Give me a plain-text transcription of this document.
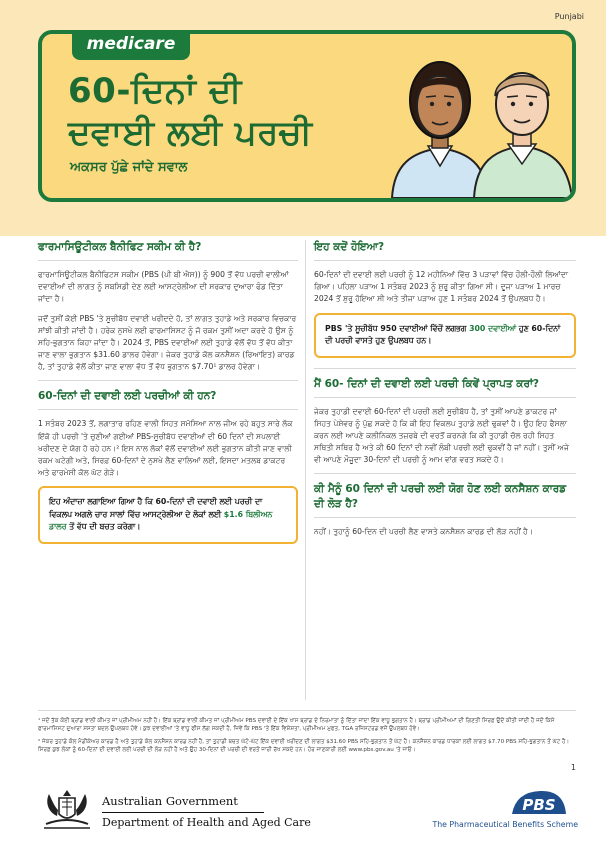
Punjabi
medicare
60-ਦਿਨਾਂ ਦੀ
ਦਵਾਈ ਲਈ ਪਰਚੀ
ਅਕਸਰ ਪੁੱਛੇ ਜਾਂਦੇ ਸਵਾਲ
ਫਾਰਮਾਸਿਊਟੀਕਲ ਬੈਨੀਫਿਟ ਸਕੀਮ ਕੀ ਹੈ?

ਫਾਰਮਾਸਿਊਟੀਕਲ ਬੈਨੀਫਿਟਸ ਸਕੀਮ (PBS (ਪੀ ਬੀ ਐਸ)) ਨੂੰ 900 ਤੋਂ ਵੱਧ ਪਰਚੀ ਵਾਲੀਆਂ ਦਵਾਈਆਂ ਦੀ ਲਾਗਤ ਨੂੰ ਸਬਸਿਡੀ ਦੇਣ ਲਈ ਆਸਟ੍ਰੇਲੀਆ ਦੀ ਸਰਕਾਰ ਦੁਆਰਾ ਫੰਡ ਦਿੱਤਾ ਜਾਂਦਾ ਹੈ।

ਜਦੋਂ ਤੁਸੀਂ ਕੋਈ PBS 'ਤੇ ਸੂਚੀਬੱਧ ਦਵਾਈ ਖਰੀਦਦੇ ਹੋ, ਤਾਂ ਲਾਗਤ ਤੁਹਾਡੇ ਅਤੇ ਸਰਕਾਰ ਵਿਚਕਾਰ ਸਾਂਝੀ ਕੀਤੀ ਜਾਂਦੀ ਹੈ। ਹਰੇਕ ਨੁਸਖੇ ਲਈ ਫਾਰਮਾਸਿਸਟ ਨੂੰ ਜੋ ਰਕਮ ਤੁਸੀਂ ਅਦਾ ਕਰਦੇ ਹੋ ਉਸ ਨੂੰ ਸਹਿ-ਭੁਗਤਾਨ ਕਿਹਾ ਜਾਂਦਾ ਹੈ। 2024 ਤੋਂ, PBS ਦਵਾਈਆਂ ਲਈ ਤੁਹਾਡੇ ਵੱਲੋਂ ਵੱਧ ਤੋਂ ਵੱਧ ਕੀਤਾ ਜਾਣ ਵਾਲਾ ਭੁਗਤਾਨ $31.60 ਡਾਲਰ ਹੋਵੇਗਾ। ਜੇਕਰ ਤੁਹਾਡੇ ਕੋਲ ਕਨਸੈਸ਼ਨ (ਰਿਆਇਤ) ਕਾਰਡ ਹੈ, ਤਾਂ ਤੁਹਾਡੇ ਵੱਲੋਂ ਕੀਤਾ ਜਾਣ ਵਾਲਾ ਵੱਧ ਤੋਂ ਵੱਧ ਭੁਗਤਾਨ $7.70¹ ਡਾਲਰ ਹੋਵੇਗਾ।

60-ਦਿਨਾਂ ਦੀ ਦਵਾਈ ਲਈ ਪਰਚੀਆਂ ਕੀ ਹਨ?

1 ਸਤੰਬਰ 2023 ਤੋਂ, ਲਗਾਤਾਰ ਰਹਿਣ ਵਾਲੀ ਸਿਹਤ ਸਮੱਸਿਆ ਨਾਲ ਜੀਅ ਰਹੇ ਬਹੁਤ ਸਾਰੇ ਲੋਕ ਇੱਕੋ ਹੀ ਪਰਚੀ 'ਤੇ ਚੁਣੀਆਂ ਗਈਆਂ PBS-ਸੂਚੀਬੱਧ ਦਵਾਈਆਂ ਦੀ 60 ਦਿਨਾਂ ਦੀ ਸਪਲਾਈ ਖਰੀਦਣ ਦੇ ਯੋਗ ਹੋ ਰਹੇ ਹਨ।² ਇਸ ਨਾਲ ਲੋਕਾਂ ਵੱਲੋਂ ਦਵਾਈਆਂ ਲਈ ਭੁਗਤਾਨ ਕੀਤੀ ਜਾਣ ਵਾਲੀ ਰਕਮ ਘਟੇਗੀ ਅਤੇ, ਸਿਰਫ਼ 60-ਦਿਨਾਂ ਦੇ ਨੁਸਖੇ ਲੈਣ ਵਾਲਿਆਂ ਲਈ, ਇਸਦਾ ਮਤਲਬ ਡਾਕਟਰ ਅਤੇ ਫਾਰਮੇਸੀ ਕੋਲ ਘੱਟ ਗੇੜੇ।

ਇਹ ਅੰਦਾਜ਼ਾ ਲਗਾਇਆ ਗਿਆ ਹੈ ਕਿ 60-ਦਿਨਾਂ ਦੀ ਦਵਾਈ ਲਈ ਪਰਚੀ ਦਾ ਵਿਕਲਪ ਅਗਲੇ ਚਾਰ ਸਾਲਾਂ ਵਿੱਚ ਆਸਟ੍ਰੇਲੀਆ ਦੇ ਲੋਕਾਂ ਲਈ $1.6 ਬਿਲੀਅਨ ਡਾਲਰ ਤੋਂ ਵੱਧ ਦੀ ਬਚਤ ਕਰੇਗਾ।
ਇਹ ਕਦੋਂ ਹੋਇਆ?

60-ਦਿਨਾਂ ਦੀ ਦਵਾਈ ਲਈ ਪਰਚੀ ਨੂੰ 12 ਮਹੀਨਿਆਂ ਵਿੱਚ 3 ਪੜਾਵਾਂ ਵਿੱਚ ਹੌਲੀ-ਹੌਲੀ ਲਿਆਂਦਾ ਗਿਆ। ਪਹਿਲਾ ਪੜਾਅ 1 ਸਤੰਬਰ 2023 ਨੂੰ ਸ਼ੁਰੂ ਕੀਤਾ ਗਿਆ ਸੀ। ਦੂਜਾ ਪੜਾਅ 1 ਮਾਰਚ 2024 ਤੋਂ ਸ਼ੁਰੂ ਹੋਇਆ ਸੀ ਅਤੇ ਤੀਜਾ ਪੜਾਅ ਹੁਣ 1 ਸਤੰਬਰ 2024 ਤੋਂ ਉਪਲਬਧ ਹੈ।

PBS 'ਤੇ ਸੂਚੀਬੱਧ 950 ਦਵਾਈਆਂ ਵਿੱਚੋਂ ਲਗਭਗ 300 ਦਵਾਈਆਂ ਹੁਣ 60-ਦਿਨਾਂ ਦੀ ਪਰਚੀ ਵਾਸਤੇ ਹੁਣ ਉਪਲਬਧ ਹਨ।
ਮੈਂ 60- ਦਿਨਾਂ ਦੀ ਦਵਾਈ ਲਈ ਪਰਚੀ ਕਿਵੇਂ ਪ੍ਰਾਪਤ ਕਰਾਂ?

ਜੇਕਰ ਤੁਹਾਡੀ ਦਵਾਈ 60-ਦਿਨਾਂ ਦੀ ਪਰਚੀ ਲਈ ਸੂਚੀਬੱਧ ਹੈ, ਤਾਂ ਤੁਸੀਂ ਆਪਣੇ ਡਾਕਟਰ ਜਾਂ ਸਿਹਤ ਪੇਸ਼ੇਵਰ ਨੂੰ ਪੁੱਛ ਸਕਦੇ ਹੋ ਕਿ ਕੀ ਇਹ ਵਿਕਲਪ ਤੁਹਾਡੇ ਲਈ ਢੁਕਵਾਂ ਹੈ। ਉਹ ਇਹ ਫੈਸਲਾ ਕਰਨ ਲਈ ਆਪਣੇ ਕਲੀਨਿਕਲ ਤਜ਼ਰਬੇ ਦੀ ਵਰਤੋਂ ਕਰਨਗੇ ਕਿ ਕੀ ਤੁਹਾਡੀ ਚੱਲ ਰਹੀ ਸਿਹਤ ਸਥਿਤੀ ਸਥਿਰ ਹੈ ਅਤੇ ਕੀ 60 ਦਿਨਾਂ ਦੀ ਨਵੀਂ ਲੰਬੀ ਪਰਚੀ ਲਈ ਢੁਕਵੀਂ ਹੈ ਜਾਂ ਨਹੀਂ। ਤੁਸੀਂ ਅਜੇ ਵੀ ਆਪਣੇ ਮੌਜੂਦਾ 30-ਦਿਨਾਂ ਦੀ ਪਰਚੀ ਨੂੰ ਆਮ ਵਾਂਗ ਵਰਤ ਸਕਦੇ ਹੋ।

ਕੀ ਮੈਨੂੰ 60 ਦਿਨਾਂ ਦੀ ਪਰਚੀ ਲਈ ਯੋਗ ਹੋਣ ਲਈ ਕਨਸੈਸ਼ਨ ਕਾਰਡ ਦੀ ਲੋੜ ਹੈ?

ਨਹੀਂ। ਤੁਹਾਨੂੰ 60-ਦਿਨ ਦੀ ਪਰਚੀ ਲੈਣ ਵਾਸਤੇ ਕਨਸੈਸ਼ਨ ਕਾਰਡ ਦੀ ਲੋੜ ਨਹੀਂ ਹੈ।

¹ ਜਦੋਂ ਤੱਕ ਕੋਈ ਬ੍ਰਾਂਡ ਵਾਲੀ ਕੀਮਤ ਜਾਂ ਪ੍ਰੀਮੀਅਮ ਨਹੀਂ ਹੈ। ਇੱਕ ਬ੍ਰਾਂਡ ਵਾਲੀ ਕੀਮਤ ਜਾਂ ਪ੍ਰੀਮੀਅਮ PBS ਦਵਾਈ ਦੇ ਇੱਕ ਖਾਸ ਬ੍ਰਾਂਡ ਦੇ ਨਿਰਮਾਤਾ ਨੂੰ ਦਿੱਤਾ ਜਾਂਦਾ ਇੱਕ ਵਾਧੂ ਭੁਗਤਾਨ ਹੈ। ਬ੍ਰਾਂਡ ਪ੍ਰੀਮੀਅਮਾਂ ਦੀ ਗਿਣਤੀ ਸਿਰਫ਼ ਉਦੋਂ ਕੀਤੀ ਜਾਂਦੀ ਹੈ ਜਦੋਂ ਕਿਸੇ ਫਾਰਮਾਸਿਸਟ ਦੁਆਰਾ ਸਸਤਾ ਬਦਲ ਉਪਲਬਧ ਹੋਵੇ। ਕੁਝ ਦਵਾਈਆਂ 'ਤੇ ਵਾਧੂ ਫੀਸ ਲੱਗ ਸਕਦੀ ਹੈ, ਜਿਵੇਂ ਕਿ PBS 'ਤੇ ਇੱਕ ਵਿਸ਼ੇਸ਼ਤਾ, ਪ੍ਰੀਮੀਅਮ ਮੁਫਤ, TGA ਰਜਿਸਟਰਡ ਵਜੋਂ ਉਪਲਬਧ ਹੋਵੇ।

² ਜੇਕਰ ਤੁਹਾਡੇ ਕੋਲ ਮੈਡੀਕੇਅਰ ਕਾਰਡ ਹੈ ਅਤੇ ਤੁਹਾਡੇ ਕੋਲ ਕਨਸੈਸ਼ਨ ਕਾਰਡ ਨਹੀਂ ਹੈ, ਤਾਂ ਤੁਹਾਡੀ ਬਚਤ ਘੱਟੋ-ਘੱਟ ਇੱਕ ਦਵਾਈ ਖਰੀਦਣ ਦੀ ਲਾਗਤ $31.60 PBS ਸਹਿ-ਭੁਗਤਾਨ ਤੋਂ ਘੱਟ ਹੈ। ਕਨਸੈਸ਼ਨ ਕਾਰਡ ਧਾਰਕਾਂ ਲਈ ਲਾਗਤ $7.70 PBS ਸਹਿ-ਭੁਗਤਾਨ ਤੋਂ ਘੱਟ ਹੈ। ਸਿਰਫ਼ ਕੁਝ ਲੋਕਾਂ ਨੂੰ 60-ਦਿਨਾਂ ਦੀ ਦਵਾਈ ਲਈ ਪਰਚੀ ਦੀ ਲੋੜ ਨਹੀਂ ਹੈ ਅਤੇ ਉਹ 30-ਦਿਨਾਂ ਦੀ ਪਰਚੀ ਦੀ ਵਰਤੋਂ ਜਾਰੀ ਰੱਖ ਸਕਦੇ ਹਨ। ਹੋਰ ਜਾਣਕਾਰੀ ਲਈ www.pbs.gov.au 'ਤੇ ਜਾਓ।

1
Australian Government
Department of Health and Aged Care
PBS
The Pharmaceutical Benefits Scheme
